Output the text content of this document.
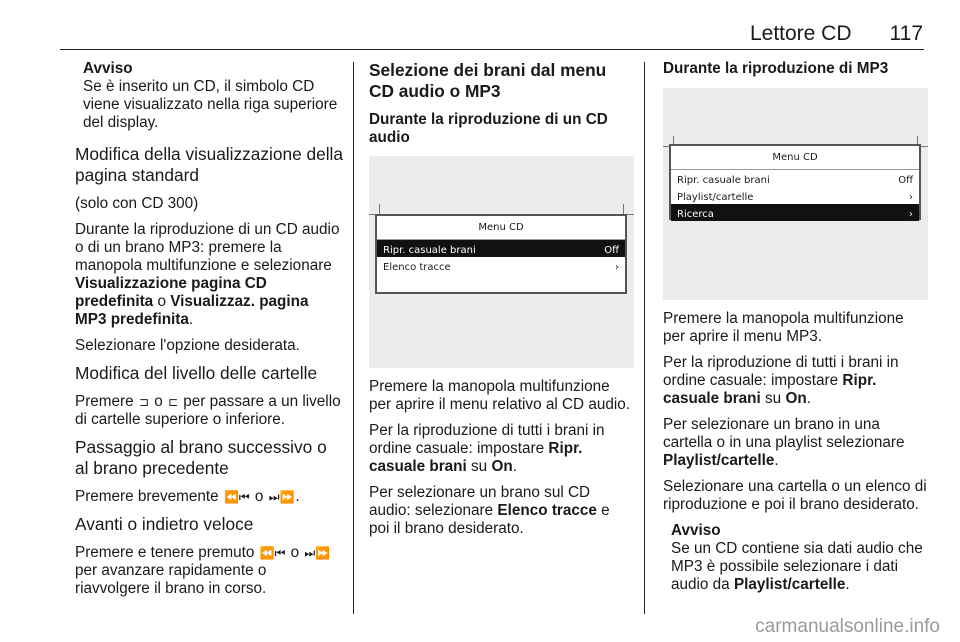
Lettore CD 117
Avviso
Se è inserito un CD, il simbolo CD viene visualizzato nella riga superiore del display.
Modifica della visualizzazione della pagina standard

(solo con CD 300)

Durante la riproduzione di un CD audio o di un brano MP3: premere la manopola multifunzione e selezionare Visualizzazione pagina CD predefinita o Visualizzaz. pagina MP3 predefinita.

Selezionare l'opzione desiderata.

Modifica del livello delle cartelle

Premere ⊐ o ⊏ per passare a un livello di cartelle superiore o inferiore.

Passaggio al brano successivo o al brano precedente

Premere brevemente ⏪⏮ o ⏭⏩.

Avanti o indietro veloce

Premere e tenere premuto ⏪⏮ o ⏭⏩ per avanzare rapidamente o riavvolgere il brano in corso.

Selezione dei brani dal menu CD audio o MP3
Durante la riproduzione di un CD audio
Menu CD
Ripr. casuale brani	Off
Elenco tracce	›

Premere la manopola multifunzione per aprire il menu relativo al CD audio.

Per la riproduzione di tutti i brani in ordine casuale: impostare Ripr. casuale brani su On.

Per selezionare un brano sul CD audio: selezionare Elenco tracce e poi il brano desiderato.

Durante la riproduzione di MP3
Menu CD
Ripr. casuale brani	Off
Playlist/cartelle	›
Ricerca	›

Premere la manopola multifunzione per aprire il menu MP3.

Per la riproduzione di tutti i brani in ordine casuale: impostare Ripr. casuale brani su On.

Per selezionare un brano in una cartella o in una playlist selezionare Playlist/cartelle.

Selezionare una cartella o un elenco di riproduzione e poi il brano desiderato.

Avviso
Se un CD contiene sia dati audio che MP3 è possibile selezionare i dati audio da Playlist/cartelle.
carmanualsonline.info
